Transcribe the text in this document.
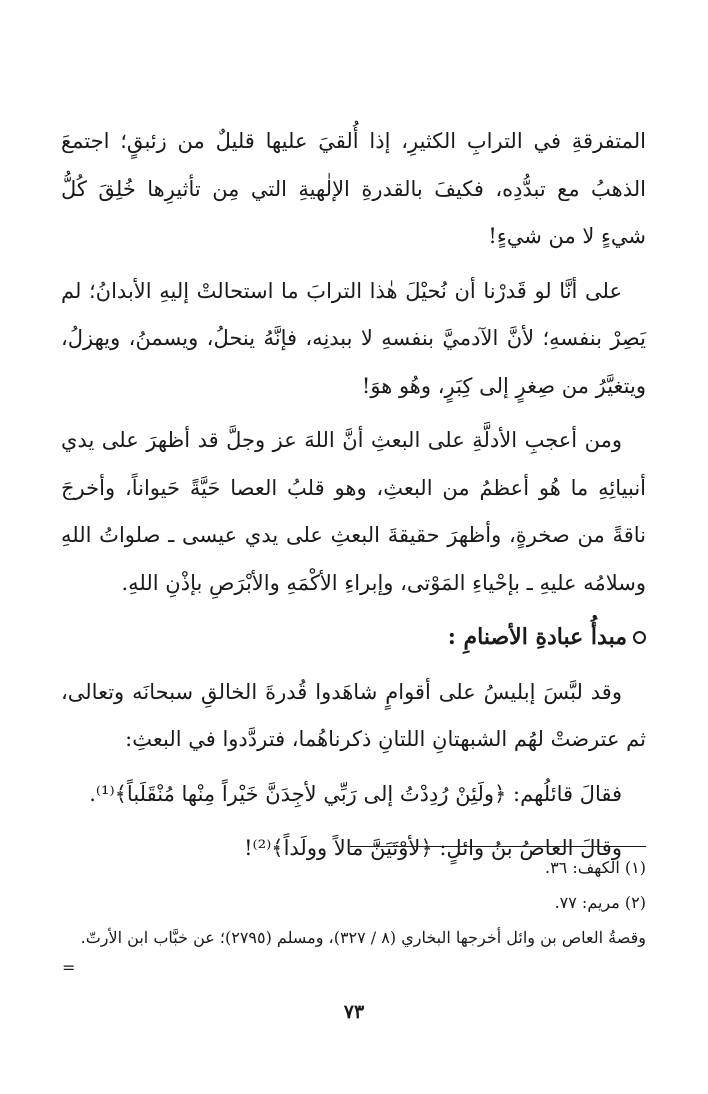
المتفرقةِ في الترابِ الكثيرِ، إذا أُلقيَ عليها قليلٌ من زئبقٍ؛ اجتمعَ الذهبُ مع تبدُّدِه، فكيفَ بالقدرةِ الإلٰهيةِ التي مِن تأثيرِها خُلِقَ كُلُّ شيءٍ لا من شيءٍ!

على أنَّا لو قَدرْنا أن نُحيْلَ هٰذا الترابَ ما استحالتْ إليهِ الأبدانُ؛ لم يَصِرْ بنفسهِ؛ لأنَّ الآدميَّ بنفسهِ لا ببدنِه، فإنَّهُ ينحلُ، ويسمنُ، ويهزلُ، ويتغيَّرُ من صِغرٍ إلى كِبَرٍ، وهُو هوَ!

ومن أعجبِ الأدلَّةِ على البعثِ أنَّ اللهَ عز وجلَّ قد أظهرَ على يدي أنبيائِهِ ما هُو أعظمُ من البعثِ، وهو قلبُ العصا حَيَّةً حَيواناً، وأخرجَ ناقةً من صخرةٍ، وأظهرَ حقيقةَ البعثِ على يدي عيسى ـ صلواتُ اللهِ وسلامُه عليهِ ـ بإحْياءِ المَوْتى، وإبراءِ الأكْمَهِ والأبْرَصِ بإذْنِ اللهِ.

مبدأُ عبادةِ الأصنامِ :

وقد لبَّسَ إبليسُ على أقوامٍ شاهَدوا قُدرةَ الخالقِ سبحانَه وتعالى، ثم عترضتْ لهُم الشبهتانِ اللتانِ ذكرناهُما، فتردَّدوا في البعثِ:

فقالَ قائلُهم: ﴿ولَئِنْ رُدِدْتُ إلى رَبِّي لأجِدَنَّ خَيْراً مِنْها مُنْقَلَباً﴾⁽¹⁾.

وقالَ العاصُ بنُ وائلٍ: ﴿لأوْتَيَنَّ مالاً وولَداً﴾⁽²⁾!

(١) الكهف: ٣٦.

(٢) مريم: ٧٧.

وقصةُ العاص بن وائل أخرجها البخاري (٨ / ٣٢٧)، ومسلم (٢٧٩٥)؛ عن خبَّاب ابن الأرتّ.

=
٧٣
